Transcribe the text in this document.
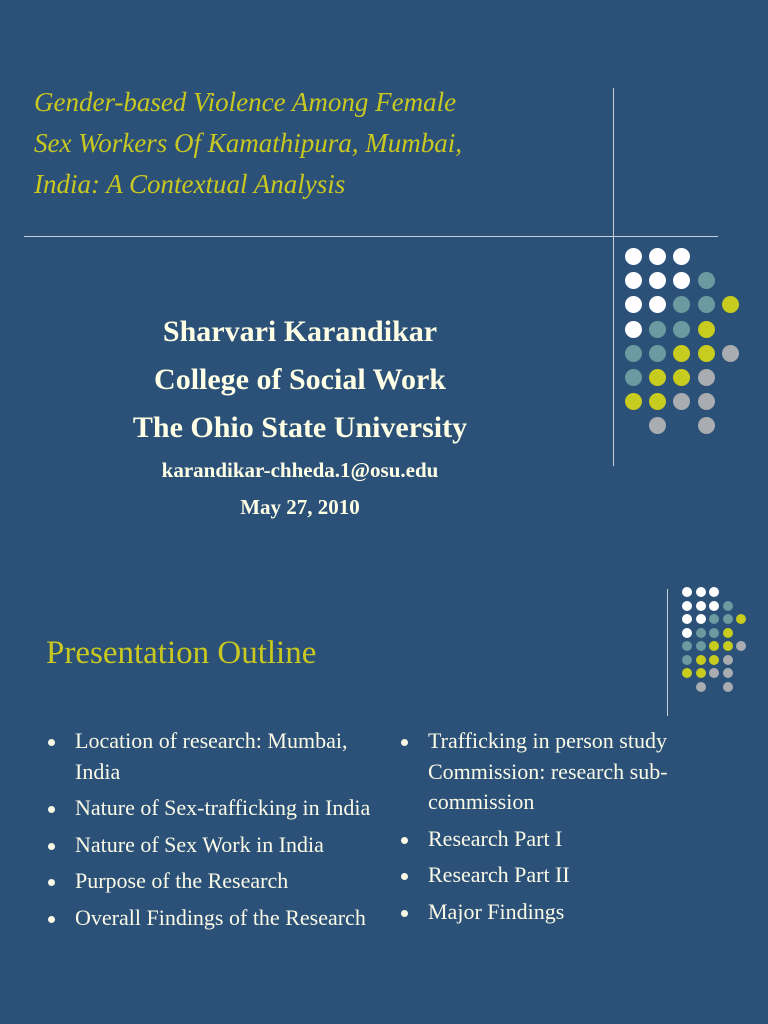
Gender-based Violence Among Female
Sex Workers Of Kamathipura, Mumbai,
India: A Contextual Analysis
Sharvari Karandikar
College of Social Work
The Ohio State University
karandikar-chheda.1@osu.edu
May 27, 2010
Presentation Outline
Location of research: Mumbai, India
Nature of Sex-trafficking in India
Nature of Sex Work in India
Purpose of the Research
Overall Findings of the Research
Trafficking in person study Commission: research sub-commission
Research Part I
Research Part II
Major Findings
